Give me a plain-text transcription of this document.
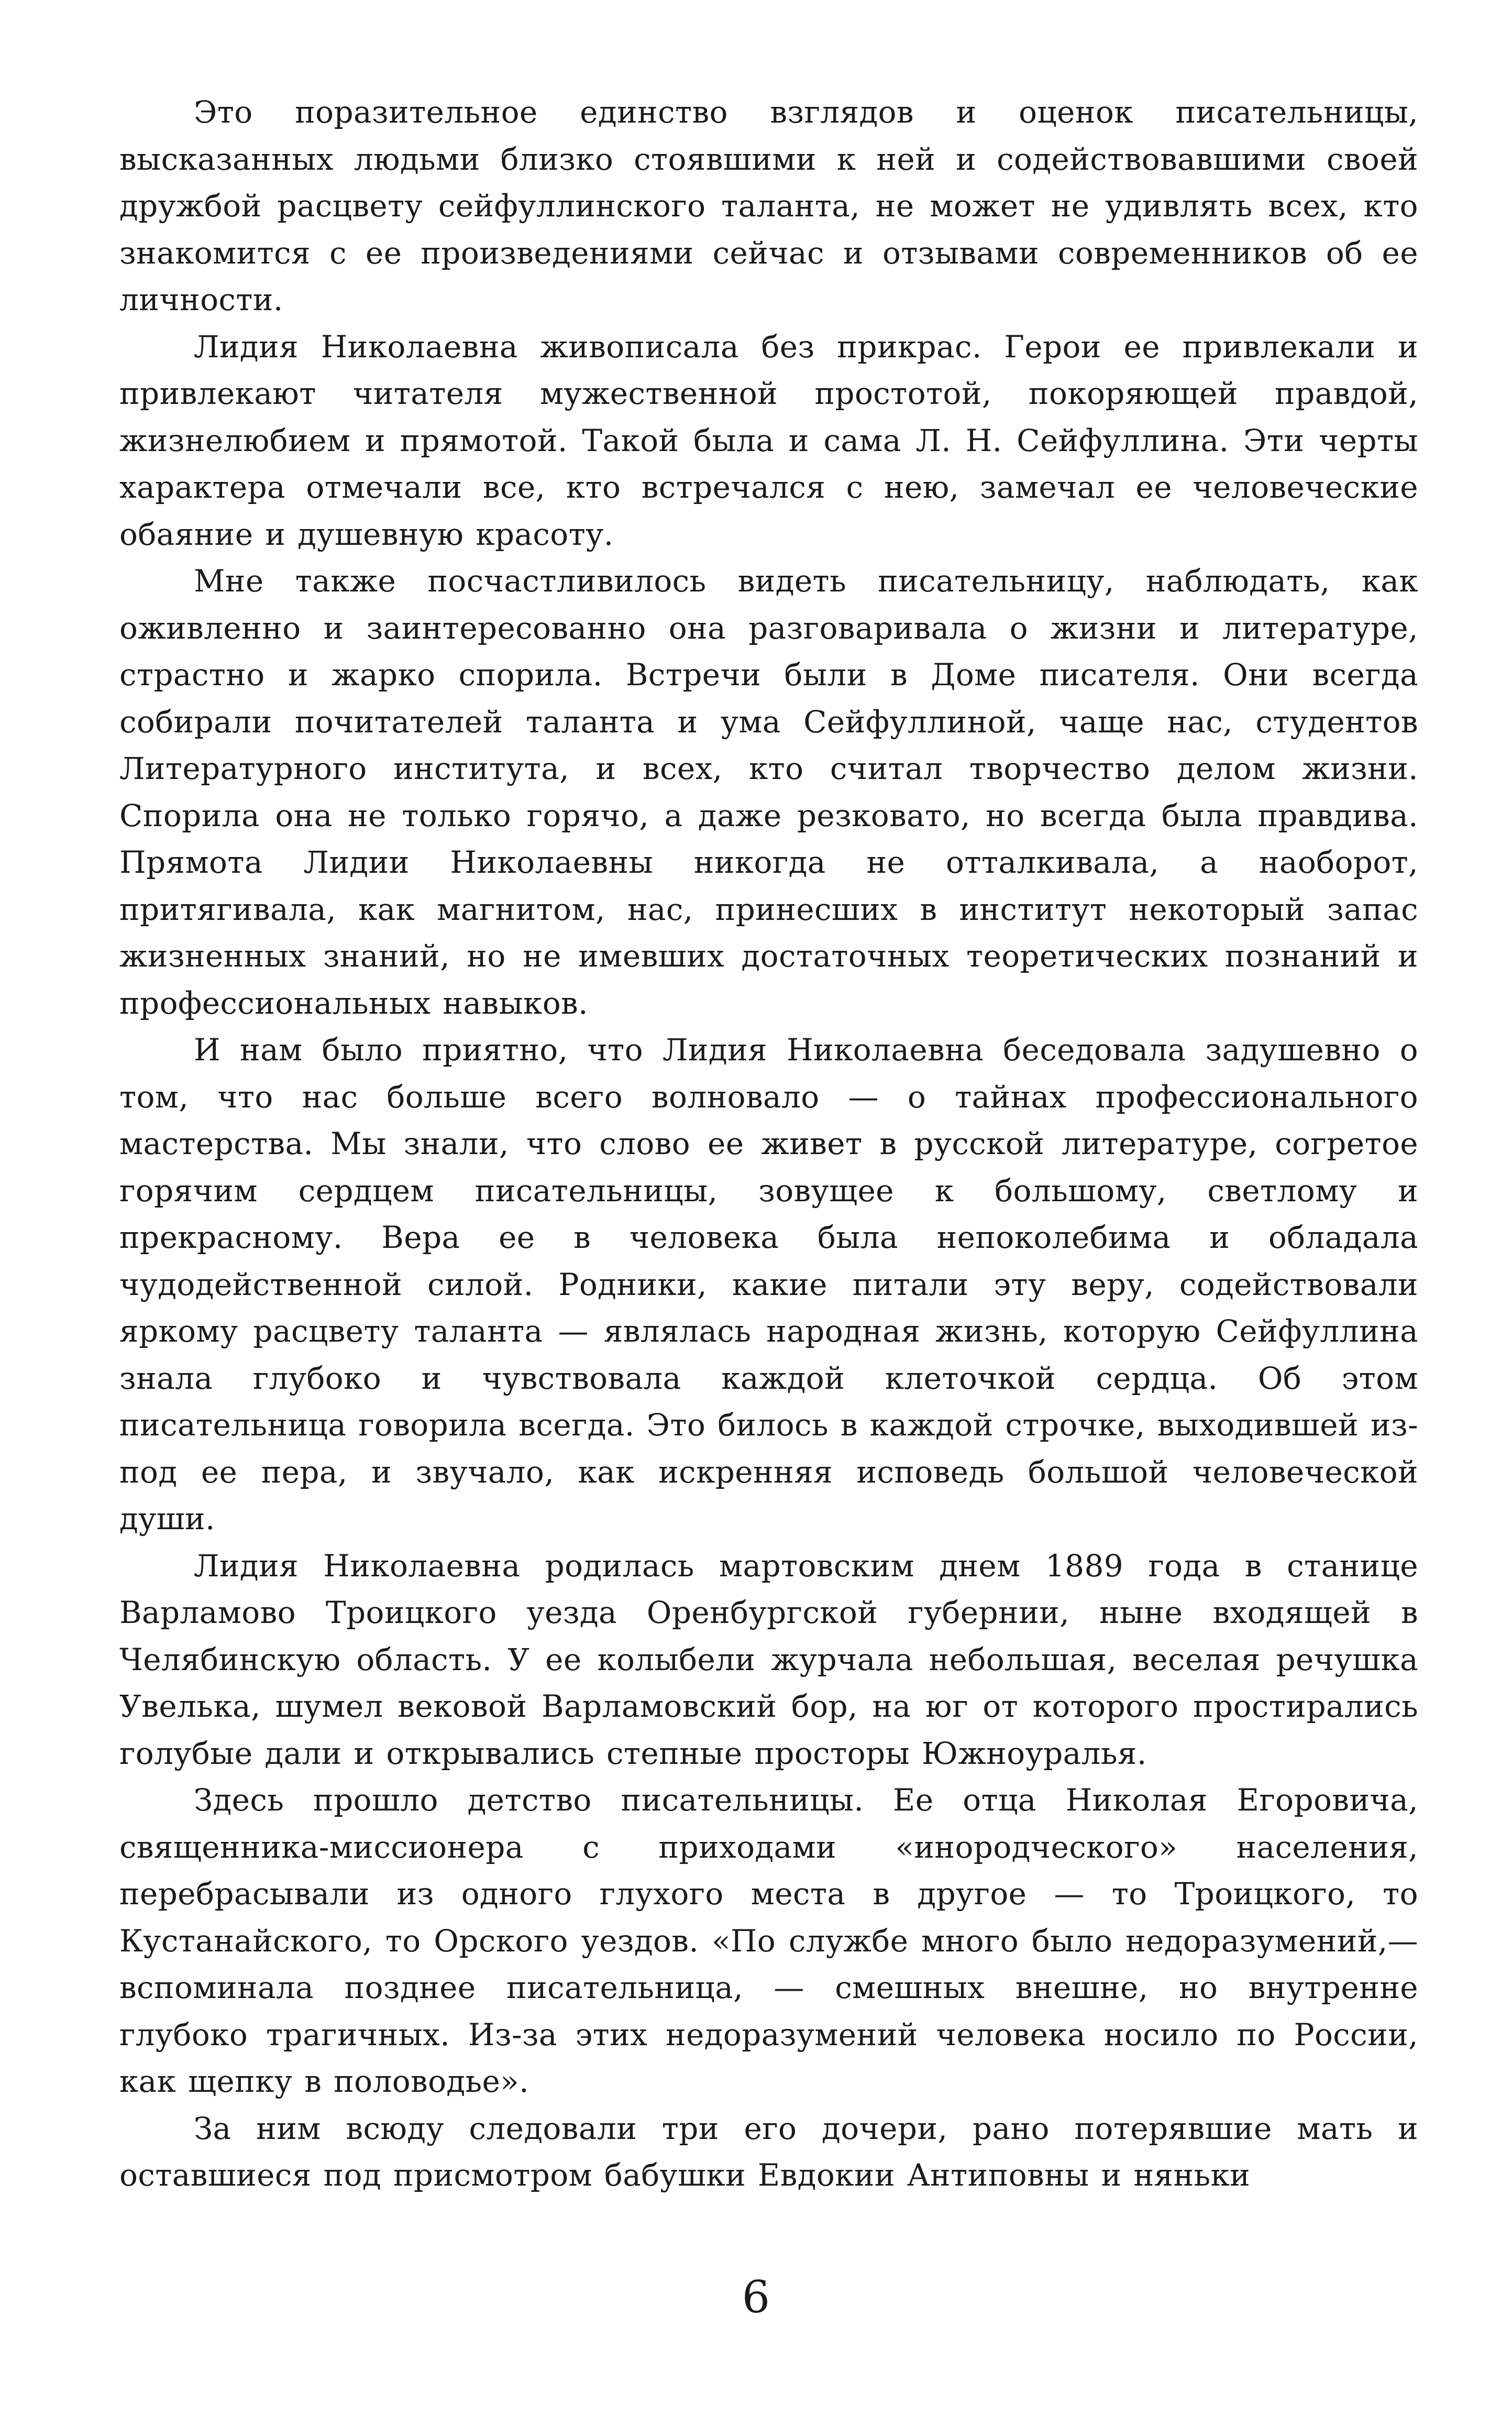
Это поразительное единство взглядов и оценок писательницы, высказанных людьми близко стоявшими к ней и содействовавшими своей дружбой расцвету сейфуллинского таланта, не может не удивлять всех, кто знакомится с ее произведениями сейчас и отзывами современников об ее личности.

Лидия Николаевна живописала без прикрас. Герои ее привлекали и привлекают читателя мужественной простотой, покоряющей правдой, жизнелюбием и прямотой. Такой была и сама Л. Н. Сейфуллина. Эти черты характера отмечали все, кто встречался с нею, замечал ее человеческие обаяние и душевную красоту.

Мне также посчастливилось видеть писательницу, наблюдать, как оживленно и заинтересованно она разговаривала о жизни и литературе, страстно и жарко спорила. Встречи были в Доме писателя. Они всегда собирали почитателей таланта и ума Сейфуллиной, чаще нас, студентов Литературного института, и всех, кто считал творчество делом жизни. Спорила она не только горячо, а даже резковато, но всегда была правдива. Прямота Лидии Николаевны никогда не отталкивала, а наоборот, притягивала, как магнитом, нас, принесших в институт некоторый запас жизненных знаний, но не имевших достаточных теоретических познаний и профессиональных навыков.

И нам было приятно, что Лидия Николаевна беседовала задушевно о том, что нас больше всего волновало — о тайнах профессионального мастерства. Мы знали, что слово ее живет в русской литературе, согретое горячим сердцем писательницы, зовущее к большому, светлому и прекрасному. Вера ее в человека была непоколебима и обладала чудодейственной силой. Родники, какие питали эту веру, содействовали яркому расцвету таланта — являлась народная жизнь, которую Сейфуллина знала глубоко и чувствовала каждой клеточкой сердца. Об этом писательница говорила всегда. Это билось в каждой строчке, выходившей из-под ее пера, и звучало, как искренняя исповедь большой человеческой души.

Лидия Николаевна родилась мартовским днем 1889 года в станице Варламово Троицкого уезда Оренбургской губернии, ныне входящей в Челябинскую область. У ее колыбели журчала небольшая, веселая речушка Увелька, шумел вековой Варламовский бор, на юг от которого простирались голубые дали и открывались степные просторы Южноуралья.

Здесь прошло детство писательницы. Ее отца Николая Егоровича, священника-миссионера с приходами «инородческого» населения, перебрасывали из одного глухого места в другое — то Троицкого, то Кустанайского, то Орского уездов. «По службе много было недоразумений,— вспоминала позднее писательница, — смешных внешне, но внутренне глубоко трагичных. Из-за этих недоразумений человека носило по России, как щепку в половодье».

За ним всюду следовали три его дочери, рано потерявшие мать и оставшиеся под присмотром бабушки Евдокии Антиповны и няньки

6
